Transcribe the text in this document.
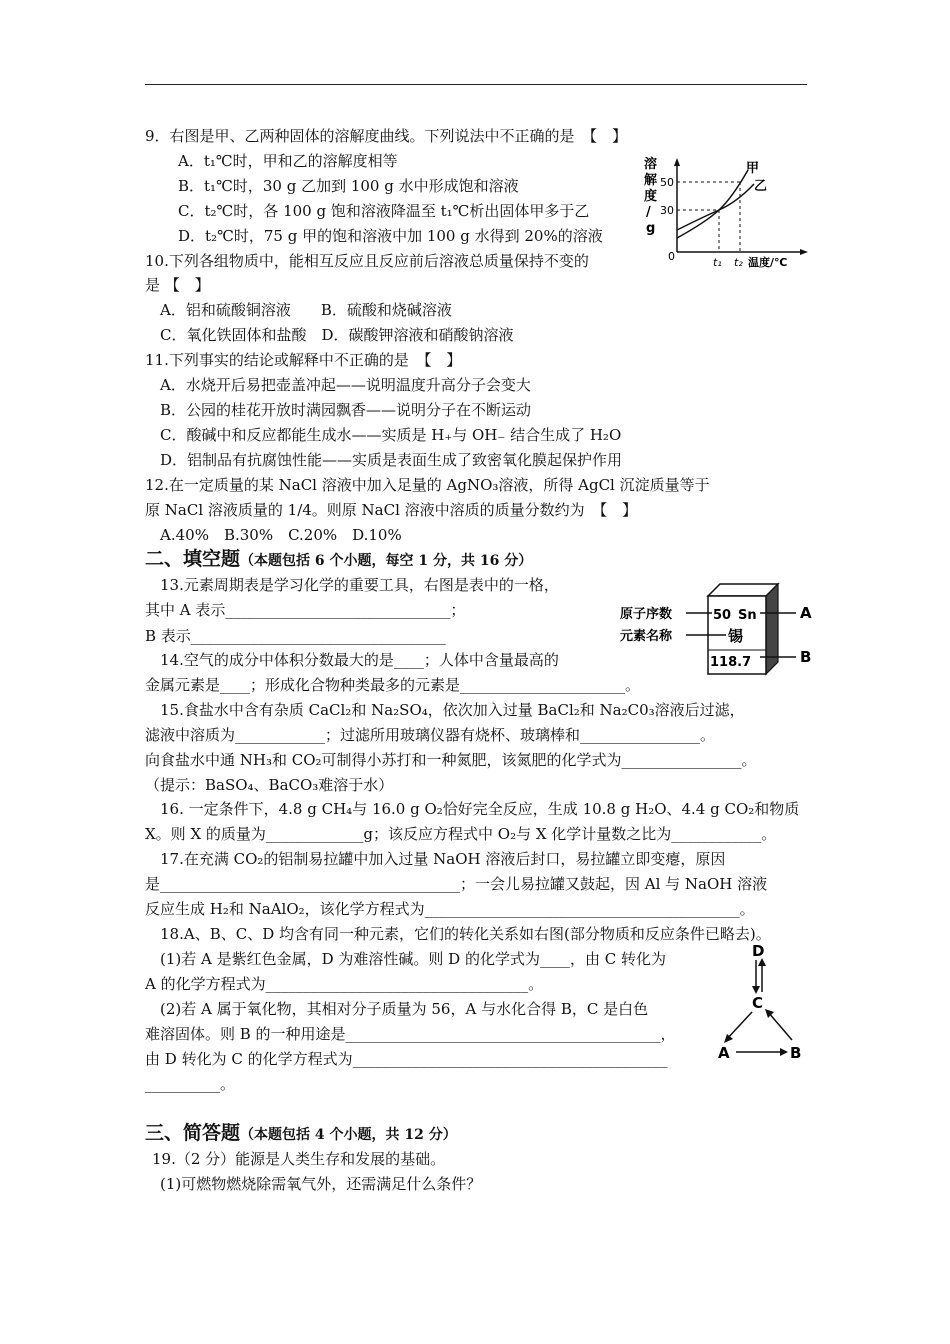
9．右图是甲、乙两种固体的溶解度曲线。下列说法中不正确的是　【　】
A．t₁℃时，甲和乙的溶解度相等
B．t₁℃时，30 g 乙加到 100 g 水中形成饱和溶液
C．t₂℃时，各 100 g 饱和溶液降温至 t₁℃析出固体甲多于乙
D．t₂℃时，75 g 甲的饱和溶液中加 100 g 水得到 20%的溶液
溶
解
度
/
g
50
30
0	t₁ t₂ 温度/℃
甲
乙
10.下列各组物质中，能相互反应且反应前后溶液总质量保持不变的
是 【　】
A．铝和硫酸铜溶液　　B．硫酸和烧碱溶液
C．氧化铁固体和盐酸　D．碳酸钾溶液和硝酸钠溶液
11.下列事实的结论或解释中不正确的是　【　】
A．水烧开后易把壶盖冲起——说明温度升高分子会变大
B．公园的桂花开放时满园飘香——说明分子在不断运动
C．酸碱中和反应都能生成水——实质是 H₊与 OH₋ 结合生成了 H₂O
D．铝制品有抗腐蚀性能——实质是表面生成了致密氧化膜起保护作用
12.在一定质量的某 NaCl 溶液中加入足量的 AgNO₃溶液，所得 AgCl 沉淀质量等于
原 NaCl 溶液质量的 1/4。则原 NaCl 溶液中溶质的质量分数约为　【　】
A.40%　B.30%　C.20%　D.10%
二、填空题（本题包括 6 个小题，每空 1 分，共 16 分）
13.元素周期表是学习化学的重要工具，右图是表中的一格，
其中 A 表示______________________________；
B 表示__________________________________
原子序数
元素名称
50 Sn
锡
118.7
A
B
14.空气的成分中体积分数最大的是____；人体中含量最高的
金属元素是____；形成化合物种类最多的元素是______________________。
15.食盐水中含有杂质 CaCl₂和 Na₂SO₄，依次加入过量 BaCl₂和 Na₂C0₃溶液后过滤，
滤液中溶质为____________；过滤所用玻璃仪器有烧杯、玻璃棒和________________。
向食盐水中通 NH₃和 CO₂可制得小苏打和一种氮肥，该氮肥的化学式为________________。
（提示：BaSO₄、BaCO₃难溶于水）
16. 一定条件下，4.8 g CH₄与 16.0 g O₂恰好完全反应，生成 10.8 g H₂O、4.4 g CO₂和物质
X。则 X 的质量为_____________g；该反应方程式中 O₂与 X 化学计量数之比为____________。
17.在充满 CO₂的铝制易拉罐中加入过量 NaOH 溶液后封口，易拉罐立即变瘪，原因
是________________________________________；一会儿易拉罐又鼓起，因 Al 与 NaOH 溶液
反应生成 H₂和 NaAlO₂，该化学方程式为__________________________________________。
18.A、B、C、D 均含有同一种元素，它们的转化关系如右图(部分物质和反应条件已略去)。
(1)若 A 是紫红色金属，D 为难溶性碱。则 D 的化学式为____，由 C 转化为
A 的化学方程式为___________________________________。
(2)若 A 属于氧化物，其相对分子质量为 56，A 与水化合得 B，C 是白色
难溶固体。则 B 的一种用途是__________________________________________，
由 D 转化为 C 的化学方程式为__________________________________________
__________。
D
C
A	B
三、简答题（本题包括 4 个小题，共 12 分）
19.（2 分）能源是人类生存和发展的基础。
(1)可燃物燃烧除需氧气外，还需满足什么条件？
